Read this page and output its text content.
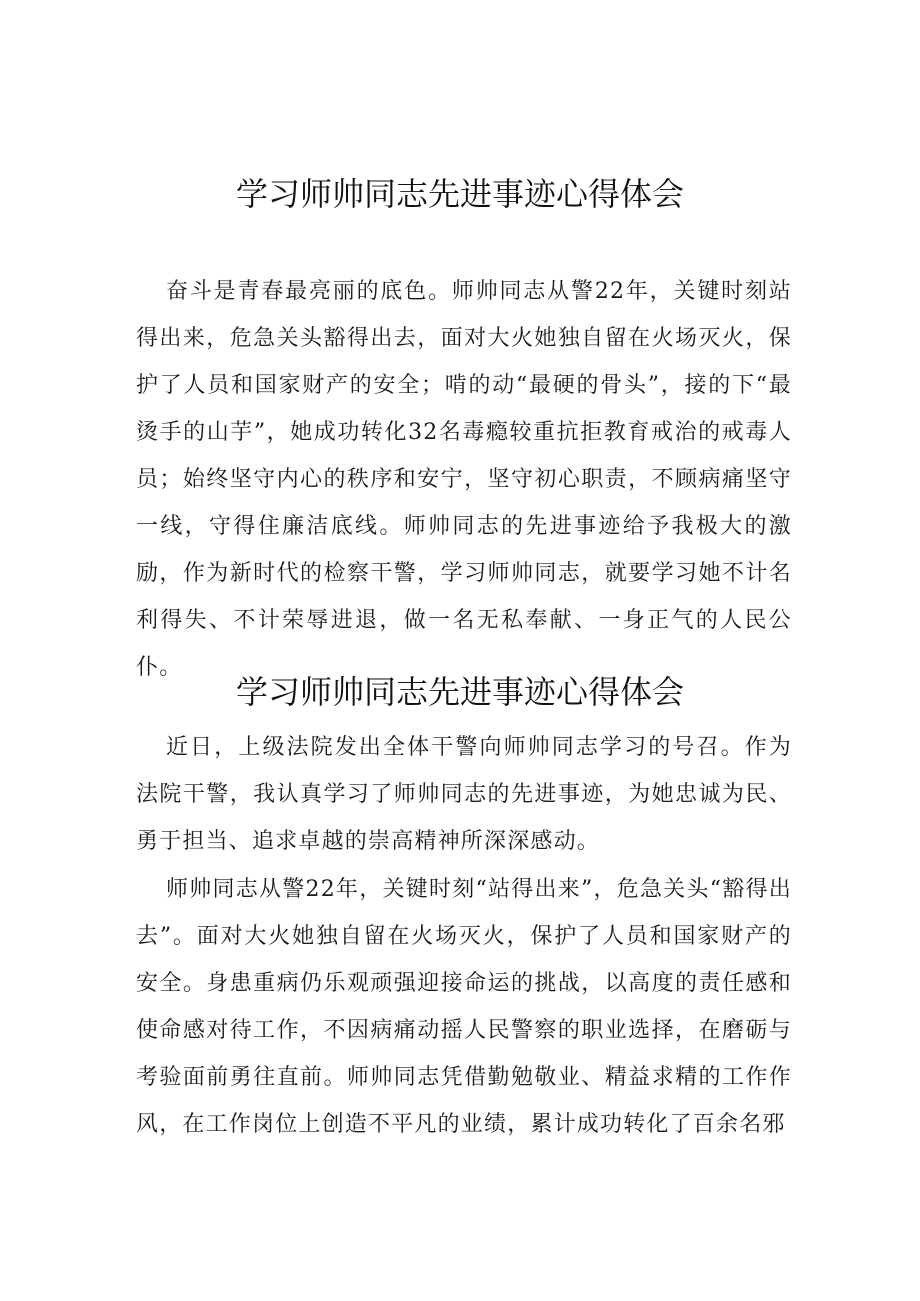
学习师帅同志先进事迹心得体会

奋斗是青春最亮丽的底色。师帅同志从警22年，关键时刻站得出来，危急关头豁得出去，面对大火她独自留在火场灭火，保护了人员和国家财产的安全；啃的动“最硬的骨头”，接的下“最烫手的山芋”，她成功转化32名毒瘾较重抗拒教育戒治的戒毒人员；始终坚守内心的秩序和安宁，坚守初心职责，不顾病痛坚守一线，守得住廉洁底线。师帅同志的先进事迹给予我极大的激励，作为新时代的检察干警，学习师帅同志，就要学习她不计名利得失、不计荣辱进退，做一名无私奉献、一身正气的人民公仆。

学习师帅同志先进事迹心得体会

近日，上级法院发出全体干警向师帅同志学习的号召。作为法院干警，我认真学习了师帅同志的先进事迹，为她忠诚为民、勇于担当、追求卓越的崇高精神所深深感动。

师帅同志从警22年，关键时刻“站得出来”，危急关头“豁得出去”。面对大火她独自留在火场灭火，保护了人员和国家财产的安全。身患重病仍乐观顽强迎接命运的挑战，以高度的责任感和使命感对待工作，不因病痛动摇人民警察的职业选择，在磨砺与考验面前勇往直前。师帅同志凭借勤勉敬业、精益求精的工作作风，在工作岗位上创造不平凡的业绩，累计成功转化了百余名邪
